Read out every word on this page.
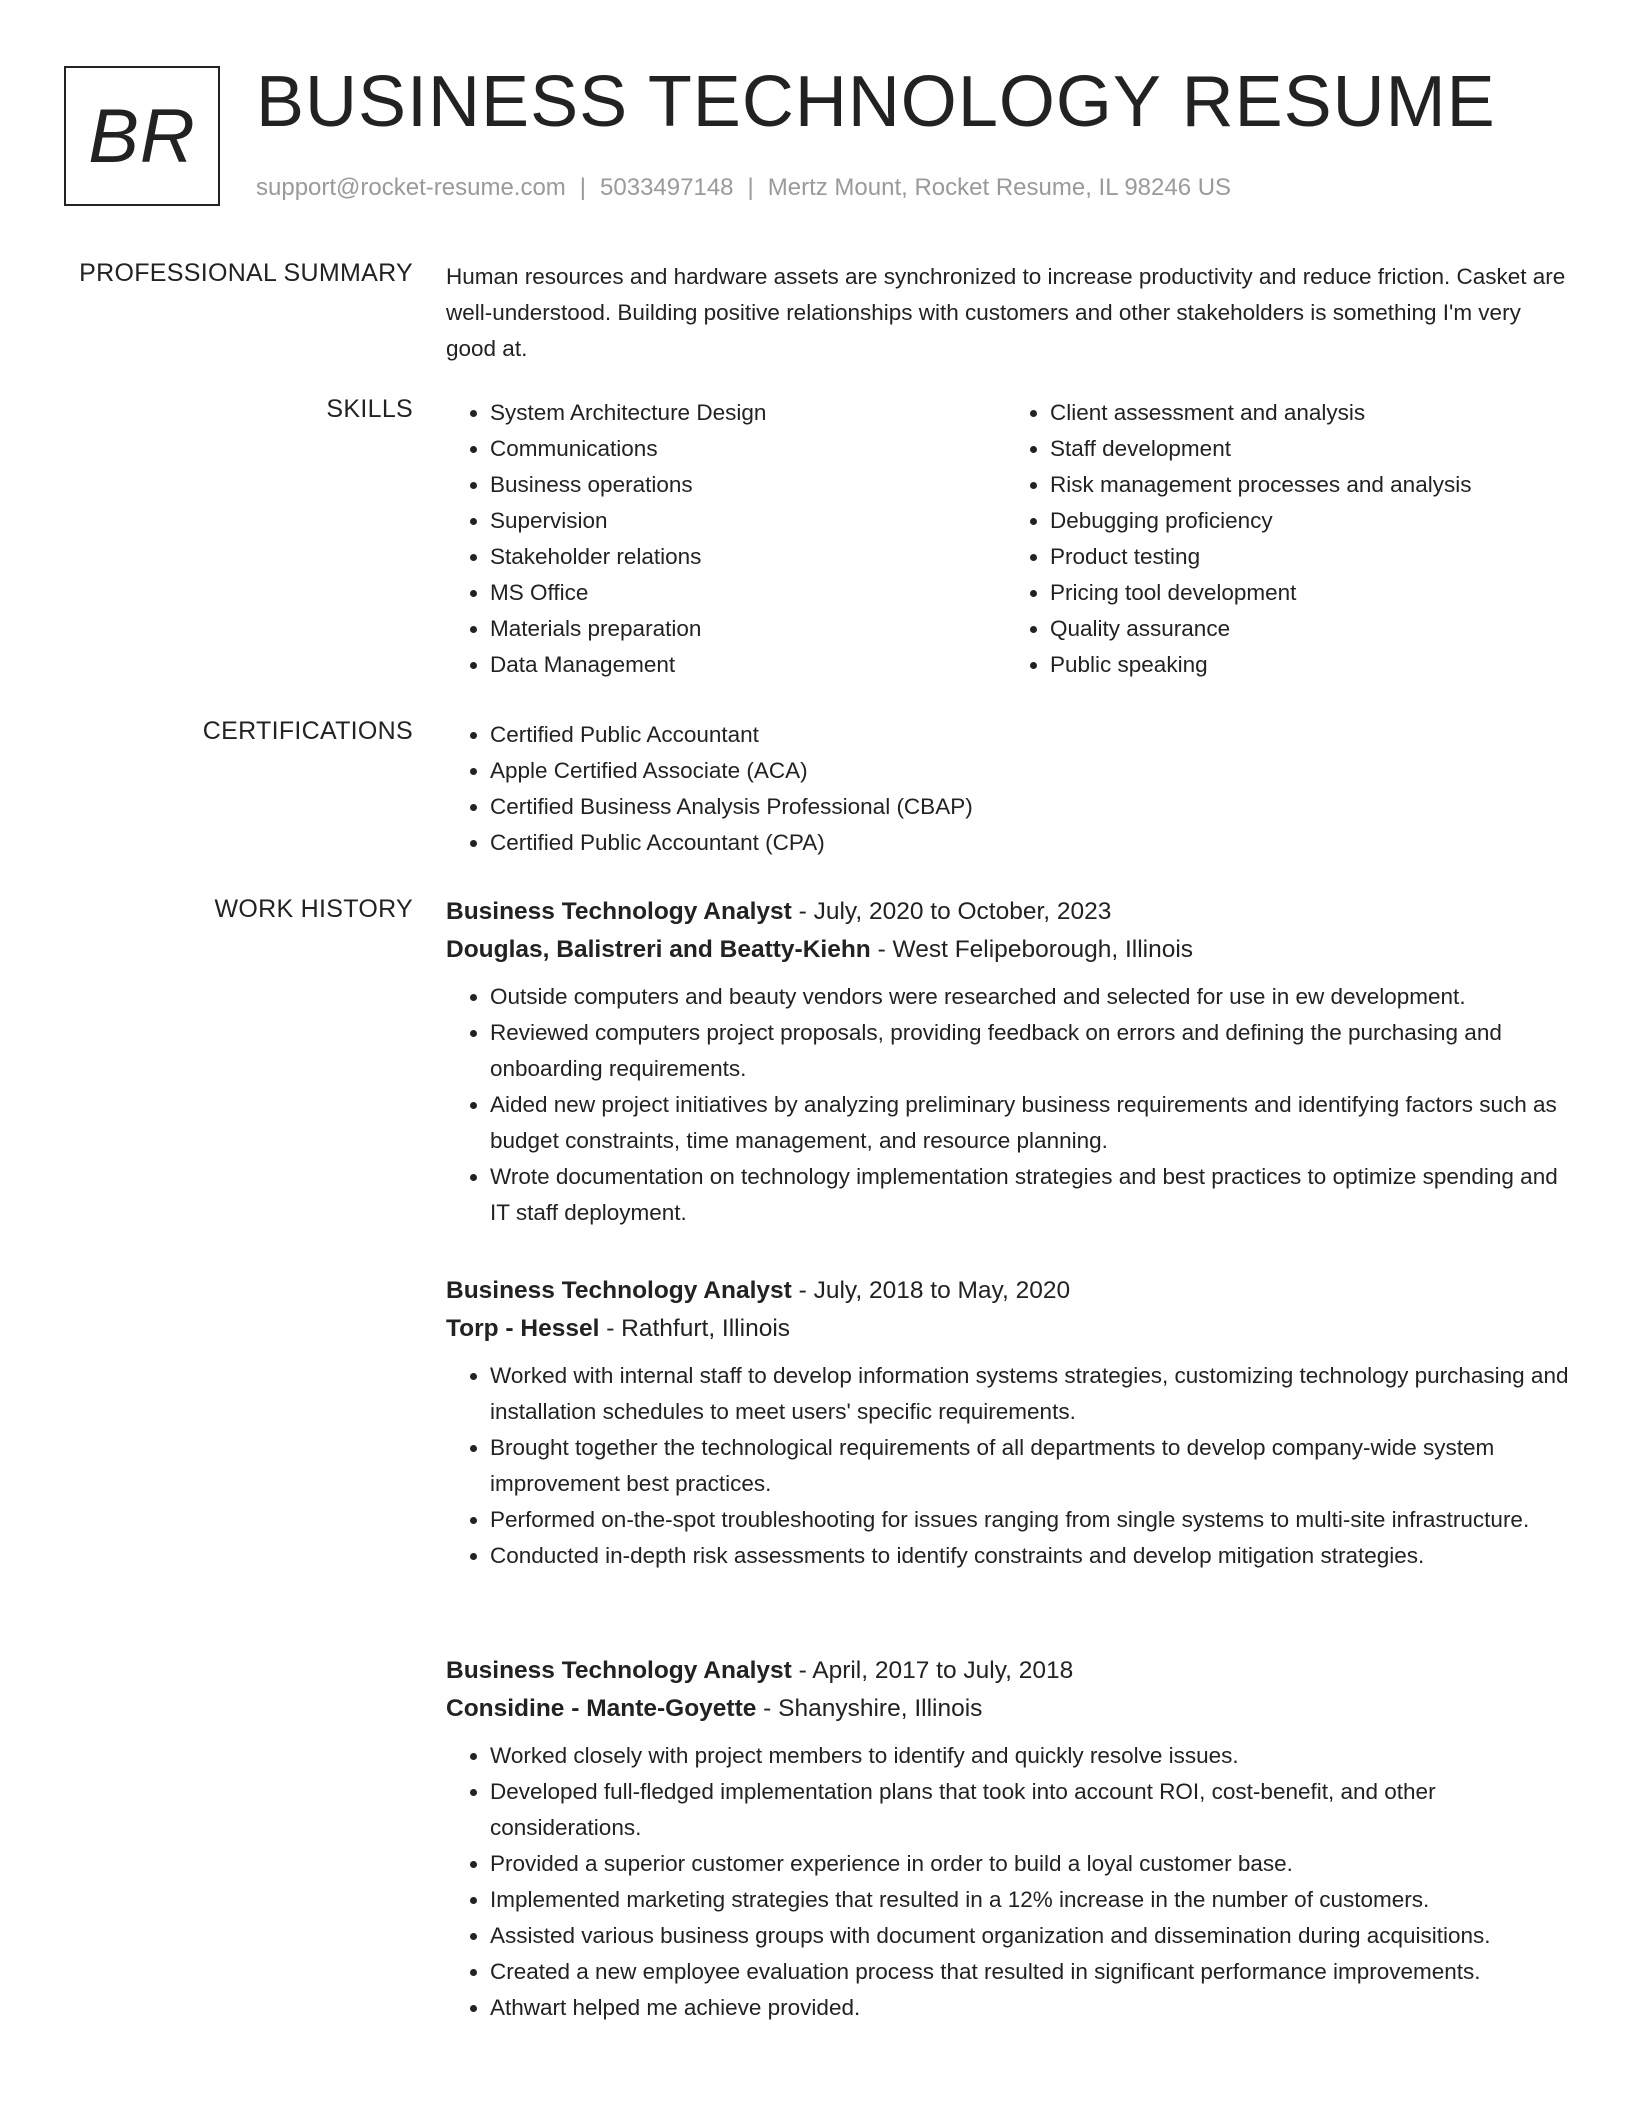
BR BUSINESS TECHNOLOGY RESUME
support@rocket-resume.com | 5033497148 | Mertz Mount, Rocket Resume, IL 98246 US
PROFESSIONAL SUMMARY Human resources and hardware assets are synchronized to increase productivity and reduce friction. Casket are well-understood. Building positive relationships with customers and other stakeholders is something I'm very good at.

SKILLS	• System Architecture Design
• Communications
• Business operations
• Supervision
• Stakeholder relations
• MS Office
• Materials preparation
• Data Management
• Client assessment and analysis
• Staff development
• Risk management processes and analysis
• Debugging proficiency
• Product testing
• Pricing tool development
• Quality assurance
• Public speaking
CERTIFICATIONS	• Certified Public Accountant
• Apple Certified Associate (ACA)
• Certified Business Analysis Professional (CBAP)
• Certified Public Accountant (CPA)
WORK HISTORY Business Technology Analyst - July, 2020 to October, 2023
Douglas, Balistreri and Beatty-Kiehn - West Felipeborough, Illinois
• Outside computers and beauty vendors were researched and selected for use in ew development.
• Reviewed computers project proposals, providing feedback on errors and defining the purchasing and onboarding requirements.
• Aided new project initiatives by analyzing preliminary business requirements and identifying factors such as budget constraints, time management, and resource planning.
• Wrote documentation on technology implementation strategies and best practices to optimize spending and IT staff deployment.
Business Technology Analyst - July, 2018 to May, 2020
Torp - Hessel - Rathfurt, Illinois
• Worked with internal staff to develop information systems strategies, customizing technology purchasing and installation schedules to meet users' specific requirements.
• Brought together the technological requirements of all departments to develop company-wide system improvement best practices.
• Performed on-the-spot troubleshooting for issues ranging from single systems to multi-site infrastructure.
• Conducted in-depth risk assessments to identify constraints and develop mitigation strategies.
Business Technology Analyst - April, 2017 to July, 2018
Considine - Mante-Goyette - Shanyshire, Illinois
• Worked closely with project members to identify and quickly resolve issues.
• Developed full-fledged implementation plans that took into account ROI, cost-benefit, and other considerations.
• Provided a superior customer experience in order to build a loyal customer base.
• Implemented marketing strategies that resulted in a 12% increase in the number of customers.
• Assisted various business groups with document organization and dissemination during acquisitions.
• Created a new employee evaluation process that resulted in significant performance improvements.
• Athwart helped me achieve provided.
